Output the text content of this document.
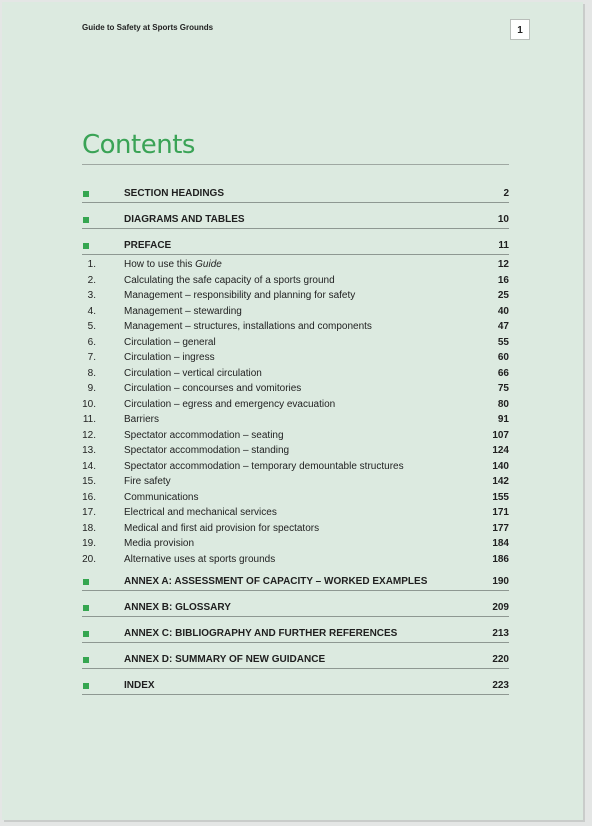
Guide to Safety at Sports Grounds	1
Contents
SECTION HEADINGS	2
DIAGRAMS AND TABLES	10
PREFACE	11
1.	How to use this Guide	12
2.	Calculating the safe capacity of a sports ground	16
3.	Management – responsibility and planning for safety	25
4.	Management – stewarding	40
5.	Management – structures, installations and components	47
6.	Circulation – general	55
7.	Circulation – ingress	60
8.	Circulation – vertical circulation	66
9.	Circulation – concourses and vomitories	75
10.	Circulation – egress and emergency evacuation	80
11.	Barriers	91
12.	Spectator accommodation – seating	107
13.	Spectator accommodation – standing	124
14.	Spectator accommodation – temporary demountable structures	140
15.	Fire safety	142
16.	Communications	155
17.	Electrical and mechanical services	171
18.	Medical and first aid provision for spectators	177
19.	Media provision	184
20.	Alternative uses at sports grounds	186
ANNEX A: ASSESSMENT OF CAPACITY – WORKED EXAMPLES	190
ANNEX B: GLOSSARY	209
ANNEX C: BIBLIOGRAPHY AND FURTHER REFERENCES	213
ANNEX D: SUMMARY OF NEW GUIDANCE	220
INDEX	223
